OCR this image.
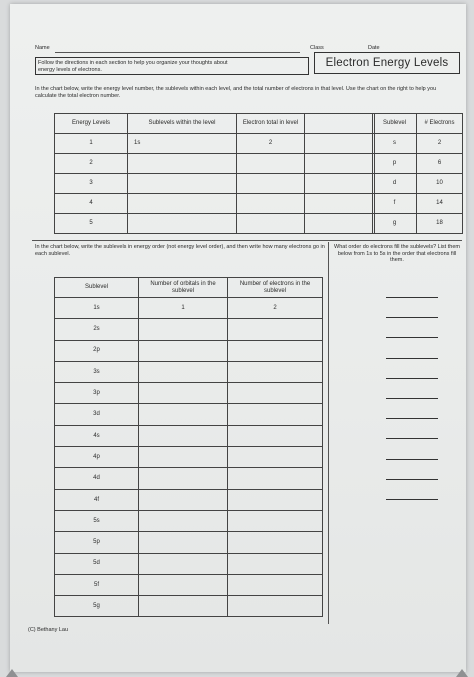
Name	Class	Date
Follow the directions in each section to help you organize your thoughts about energy levels of electrons.
Electron Energy Levels
In the chart below, write the energy level number, the sublevels within each level, and the total number of electrons in that level. Use the chart on the right to help you calculate the total electron number.
Energy Levels	Sublevels within the level	Electron total in level	
1	1s	2	
2			
3			
4			
5			
Sublevel	# Electrons
s	2
p	6
d	10
f	14
g	18
In the chart below, write the sublevels in energy order (not energy level order), and then write how many electrons go in each sublevel.
Sublevel	Number of orbitals in the sublevel	Number of electrons in the sublevel
1s	1	2
2s		
2p		
3s		
3p		
3d		
4s		
4p		
4d		
4f		
5s		
5p		
5d		
5f		
5g		
What order do electrons fill the sublevels? List them below from 1s to 5s in the order that electrons fill them.
(C) Bethany Lau
